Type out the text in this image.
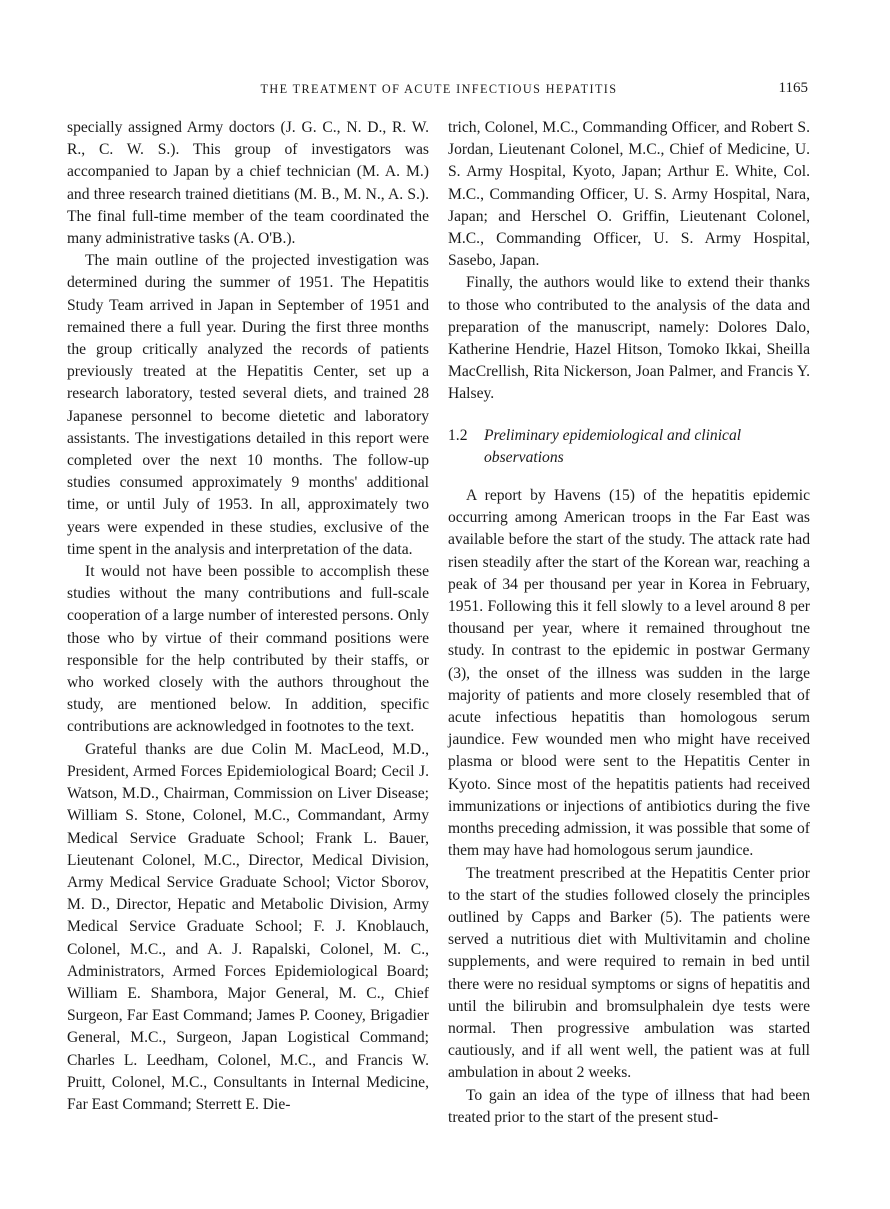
THE TREATMENT OF ACUTE INFECTIOUS HEPATITIS	1165

specially assigned Army doctors (J. G. C., N. D., R. W. R., C. W. S.). This group of investigators was accompanied to Japan by a chief technician (M. A. M.) and three research trained dietitians (M. B., M. N., A. S.). The final full-time member of the team coordinated the many administrative tasks (A. O'B.).

The main outline of the projected investigation was determined during the summer of 1951. The Hepatitis Study Team arrived in Japan in September of 1951 and remained there a full year. During the first three months the group critically analyzed the records of patients previously treated at the Hepatitis Center, set up a research laboratory, tested several diets, and trained 28 Japanese personnel to become dietetic and laboratory assistants. The investigations detailed in this report were completed over the next 10 months. The follow-up studies consumed approximately 9 months' additional time, or until July of 1953. In all, approximately two years were expended in these studies, exclusive of the time spent in the analysis and interpretation of the data.

It would not have been possible to accomplish these studies without the many contributions and full-scale cooperation of a large number of interested persons. Only those who by virtue of their command positions were responsible for the help contributed by their staffs, or who worked closely with the authors throughout the study, are mentioned below. In addition, specific contributions are acknowledged in footnotes to the text.

Grateful thanks are due Colin M. MacLeod, M.D., President, Armed Forces Epidemiological Board; Cecil J. Watson, M.D., Chairman, Commission on Liver Disease; William S. Stone, Colonel, M.C., Commandant, Army Medical Service Graduate School; Frank L. Bauer, Lieutenant Colonel, M.C., Director, Medical Division, Army Medical Service Graduate School; Victor Sborov, M. D., Director, Hepatic and Metabolic Division, Army Medical Service Graduate School; F. J. Knoblauch, Colonel, M.C., and A. J. Rapalski, Colonel, M. C., Administrators, Armed Forces Epidemiological Board; William E. Shambora, Major General, M. C., Chief Surgeon, Far East Command; James P. Cooney, Brigadier General, M.C., Surgeon, Japan Logistical Command; Charles L. Leedham, Colonel, M.C., and Francis W. Pruitt, Colonel, M.C., Consultants in Internal Medicine, Far East Command; Sterrett E. Die-

trich, Colonel, M.C., Commanding Officer, and Robert S. Jordan, Lieutenant Colonel, M.C., Chief of Medicine, U. S. Army Hospital, Kyoto, Japan; Arthur E. White, Col. M.C., Commanding Officer, U. S. Army Hospital, Nara, Japan; and Herschel O. Griffin, Lieutenant Colonel, M.C., Commanding Officer, U. S. Army Hospital, Sasebo, Japan.

Finally, the authors would like to extend their thanks to those who contributed to the analysis of the data and preparation of the manuscript, namely: Dolores Dalo, Katherine Hendrie, Hazel Hitson, Tomoko Ikkai, Sheilla MacCrellish, Rita Nickerson, Joan Palmer, and Francis Y. Halsey.

1.2	Preliminary epidemiological and clinical observations

A report by Havens (15) of the hepatitis epidemic occurring among American troops in the Far East was available before the start of the study. The attack rate had risen steadily after the start of the Korean war, reaching a peak of 34 per thousand per year in Korea in February, 1951. Following this it fell slowly to a level around 8 per thousand per year, where it remained throughout tne study. In contrast to the epidemic in postwar Germany (3), the onset of the illness was sudden in the large majority of patients and more closely resembled that of acute infectious hepatitis than homologous serum jaundice. Few wounded men who might have received plasma or blood were sent to the Hepatitis Center in Kyoto. Since most of the hepatitis patients had received immunizations or injections of antibiotics during the five months preceding admission, it was possible that some of them may have had homologous serum jaundice.

The treatment prescribed at the Hepatitis Center prior to the start of the studies followed closely the principles outlined by Capps and Barker (5). The patients were served a nutritious diet with Multivitamin and choline supplements, and were required to remain in bed until there were no residual symptoms or signs of hepatitis and until the bilirubin and bromsulphalein dye tests were normal. Then progressive ambulation was started cautiously, and if all went well, the patient was at full ambulation in about 2 weeks.

To gain an idea of the type of illness that had been treated prior to the start of the present stud-
